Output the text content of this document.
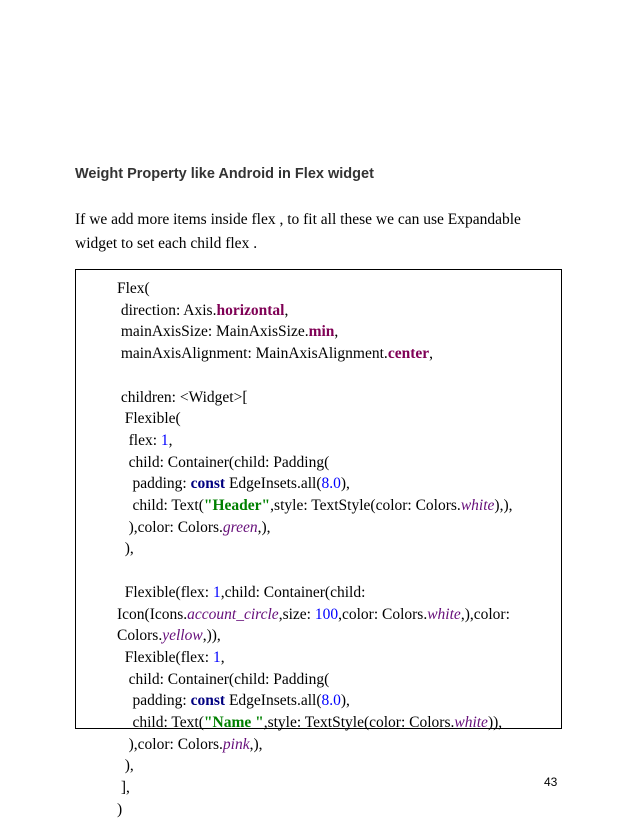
Weight Property like Android in Flex widget

If we add more items inside flex , to fit all these we can use Expandable widget to set each child flex .

Flex(
direction: Axis.horizontal,
mainAxisSize: MainAxisSize.min,
mainAxisAlignment: MainAxisAlignment.center,

children: <Widget>[
Flexible(
flex: 1,
child: Container(child: Padding(
padding: const EdgeInsets.all(8.0),
child: Text("Header",style: TextStyle(color: Colors.white),),
),color: Colors.green,),
),

Flexible(flex: 1,child: Container(child:
Icon(Icons.account_circle,size: 100,color: Colors.white,),color:
Colors.yellow,)),
Flexible(flex: 1,
child: Container(child: Padding(
padding: const EdgeInsets.all(8.0),
child: Text("Name ",style: TextStyle(color: Colors.white)),
),color: Colors.pink,),
),
],
)
43
